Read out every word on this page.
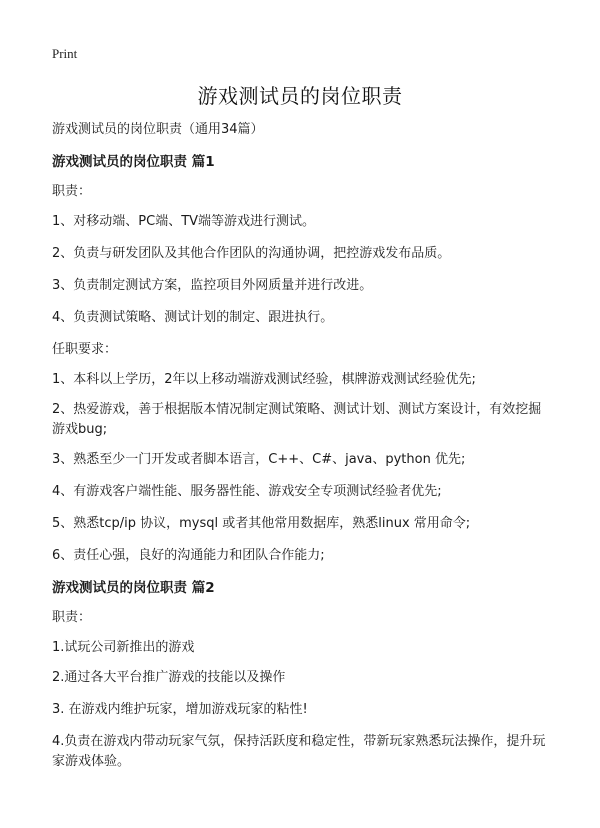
Print
游戏测试员的岗位职责
游戏测试员的岗位职责（通用34篇）
游戏测试员的岗位职责 篇1
职责：
1、对移动端、PC端、TV端等游戏进行测试。
2、负责与研发团队及其他合作团队的沟通协调，把控游戏发布品质。
3、负责制定测试方案，监控项目外网质量并进行改进。
4、负责测试策略、测试计划的制定、跟进执行。
任职要求：
1、本科以上学历，2年以上移动端游戏测试经验，棋牌游戏测试经验优先;
2、热爱游戏，善于根据版本情况制定测试策略、测试计划、测试方案设计，有效挖掘游戏bug;
3、熟悉至少一门开发或者脚本语言，C++、C#、java、python 优先;
4、有游戏客户端性能、服务器性能、游戏安全专项测试经验者优先;
5、熟悉tcp/ip 协议，mysql 或者其他常用数据库，熟悉linux 常用命令;
6、责任心强，良好的沟通能力和团队合作能力;
游戏测试员的岗位职责 篇2
职责：
1.试玩公司新推出的游戏
2.通过各大平台推广游戏的技能以及操作
3. 在游戏内维护玩家，增加游戏玩家的粘性!
4.负责在游戏内带动玩家气氛，保持活跃度和稳定性，带新玩家熟悉玩法操作，提升玩家游戏体验。
